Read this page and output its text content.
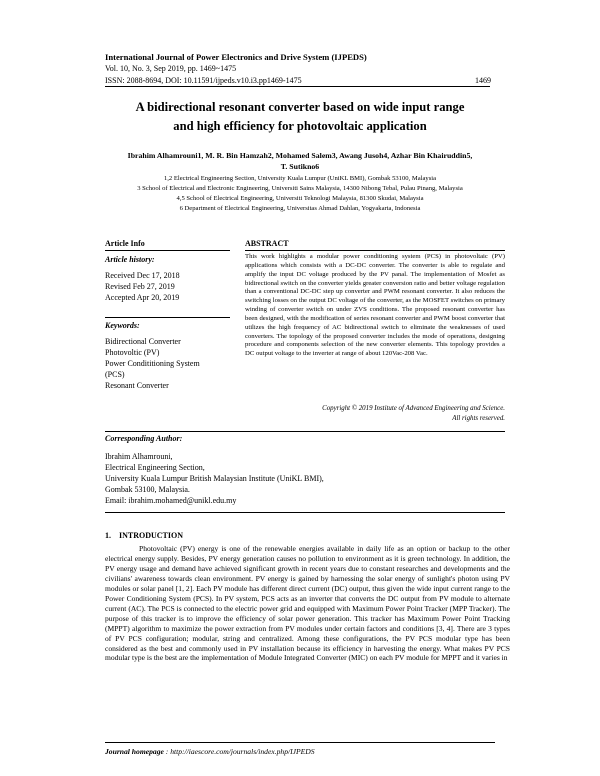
International Journal of Power Electronics and Drive System (IJPEDS)
Vol. 10, No. 3, Sep 2019, pp. 1469~1475
ISSN: 2088-8694, DOI: 10.11591/ijpeds.v10.i3.pp1469-1475	1469
A bidirectional resonant converter based on wide input range
and high efficiency for photovoltaic application
Ibrahim Alhamrouni1, M. R. Bin Hamzah2, Mohamed Salem3, Awang Jusoh4, Azhar Bin Khairuddin5,
T. Sutikno6
1,2 Electrical Engineering Section, University Kuala Lumpur (UniKL BMI), Gombak 53100, Malaysia
3 School of Electrical and Electronic Engineering, Universiti Sains Malaysia, 14300 Nibong Tebal, Pulau Pinang, Malaysia
4,5 School of Electrical Engineering, Universiti Teknologi Malaysia, 81300 Skudai, Malaysia
6 Department of Electrical Engineering, Universitas Ahmad Dahlan, Yogyakarta, Indonesia
Article Info
Article history:
Received Dec 17, 2018
Revised Feb 27, 2019
Accepted Apr 20, 2019
Keywords:
Bidirectional Converter
Photovoltic (PV)
Power Condititioning System
(PCS)
Resonant Converter
ABSTRACT
This work highlights a modular power conditioning system (PCS) in photovoltaic (PV) applications which consists with a DC-DC converter. The converter is able to regulate and amplify the input DC voltage produced by the PV panal. The implementation of Mosfet as bidirectional switch on the converter yields greater conversion ratio and better voltage regulation than a conventional DC-DC step up converter and PWM resonant converter. It also reduces the switching losses on the output DC voltage of the converter, as the MOSFET switches on primary winding of converter switch on under ZVS conditions. The proposed resonant converter has been designed, with the modification of series resonant converter and PWM boost converter that utilizes the high frequency of AC bidirectional switch to eliminate the weaknesses of used converters. The topology of the proposed converter includes the mode of operations, designing procedure and components selection of the new converter elements. This topology provides a DC output voltage to the inverter at range of about 120Vac-208 Vac.
Copyright © 2019 Institute of Advanced Engineering and Science.
All rights reserved.
Corresponding Author:
Ibrahim Alhamrouni,
Electrical Engineering Section,
University Kuala Lumpur British Malaysian Institute (UniKL BMI),
Gombak 53100, Malaysia.
Email: ibrahim.mohamed@unikl.edu.my
1.    INTRODUCTION
Photovoltaic (PV) energy is one of the renewable energies available in daily life as an option or backup to the other electrical energy supply. Besides, PV energy generation causes no pollution to environment as it is green technology. In addition, the PV energy usage and demand have achieved significant growth in recent years due to constant researches and developments and the civilians' awareness towards clean environment. PV energy is gained by harnessing the solar energy of sunlight's photon using PV modules or solar panel [1, 2]. Each PV module has different direct current (DC) output, thus given the wide input current range to the Power Conditioning System (PCS). In PV system, PCS acts as an inverter that converts the DC output from PV module to alternate current (AC). The PCS is connected to the electric power grid and equipped with Maximum Power Point Tracker (MPP Tracker). The purpose of this tracker is to improve the efficiency of solar power generation. This tracker has Maximum Power Point Tracking (MPPT) algorithm to maximize the power extraction from PV modules under certain factors and conditions [3, 4]. There are 3 types of PV PCS configuration; modular, string and centralized. Among these configurations, the PV PCS modular type has been considered as the best and commonly used in PV installation because its efficiency in harvesting the energy. What makes PV PCS modular type is the best are the implementation of Module Integrated Converter (MIC) on each PV module for MPPT and it varies in
Journal homepage : http://iaescore.com/journals/index.php/IJPEDS
